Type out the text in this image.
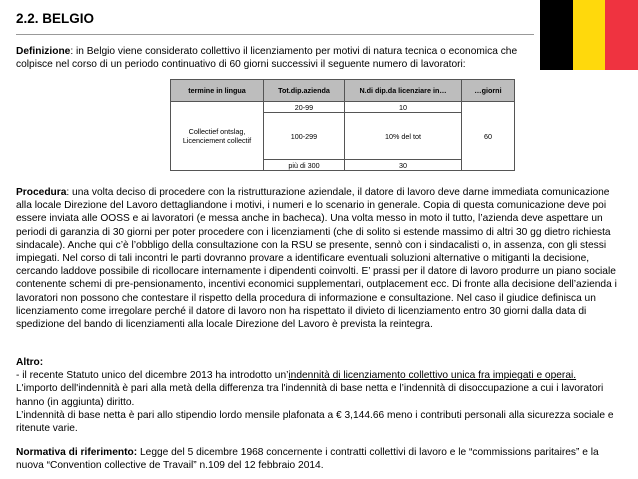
2.2. BELGIO
Definizione: in Belgio viene considerato collettivo il licenziamento per motivi di natura tecnica o economica che colpisce nel corso di un periodo continuativo di 60 giorni successivi il seguente numero di lavoratori:
termine in lingua	Tot.dip.azienda	N.di dip.da licenziare in…	…giorni
Collectief ontslag, Licenciement collectif	20-99	10	60
	100-299	10% del tot	
	più di 300	30	
Procedura: una volta deciso di procedere con la ristrutturazione aziendale, il datore di lavoro deve darne immediata comunicazione alla locale Direzione del Lavoro dettagliandone i motivi, i numeri e lo scenario in generale. Copia di questa comunicazione deve poi essere inviata alle OOSS e ai lavoratori (e messa anche in bacheca). Una volta messo in moto il tutto, l’azienda deve aspettare un periodi di garanzia di 30 giorni per poter procedere con i licenziamenti (che di solito si estende massimo di altri 30 gg dietro richiesta sindacale). Anche qui c’è l’obbligo della consultazione con la RSU se presente, sennò con i sindacalisti o, in assenza, con gli stessi impiegati. Nel corso di tali incontri le parti dovranno provare a identificare eventuali soluzioni alternative o mitiganti la decisione, cercando laddove possibile di ricollocare internamente i dipendenti coinvolti. E’ prassi per il datore di lavoro produrre un piano sociale contenente schemi di pre-pensionamento, incentivi economici supplementari, outplacement ecc. Di fronte alla decisione dell’azienda i lavoratori non possono che contestare il rispetto della procedura di informazione e consultazione. Nel caso il giudice definisca un licenziamento come irregolare perché il datore di lavoro non ha rispettato il divieto di licenziamento entro 30 giorni dalla data di spedizione del bando di licenziamenti alla locale Direzione del Lavoro è prevista la reintegra.
Altro:
- il recente Statuto unico del dicembre 2013 ha introdotto un’indennità di licenziamento collettivo unica fra impiegati e operai.
L'importo dell'indennità è pari alla metà della differenza tra l'indennità di base netta e l’indennità di disoccupazione a cui i lavoratori hanno (in aggiunta) diritto.
L’indennità di base netta è pari allo stipendio lordo mensile plafonata a € 3,144.66 meno i contributi personali alla sicurezza sociale e ritenute varie.
Normativa di riferimento: Legge del 5 dicembre 1968 concernente i contratti collettivi di lavoro e le “commissions paritaires” e la nuova “Convention collective de Travail” n.109 del 12 febbraio 2014.
